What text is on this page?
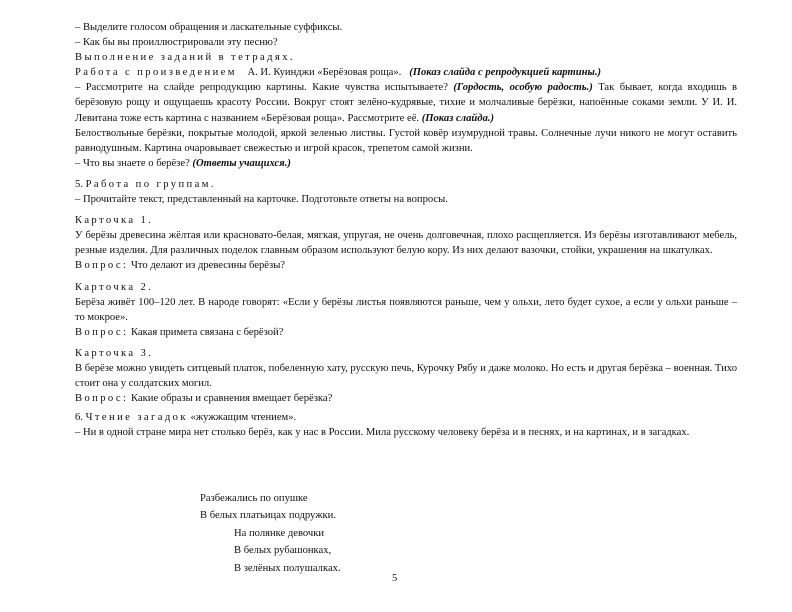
– Выделите голосом обращения и ласкательные суффиксы.

– Как бы вы проиллюстрировали эту песню?

Выполнение заданий в тетрадях.

Работа с произведением А. И. Куинджи «Берёзовая роща». (Показ слайда с репродукцией картины.)

– Рассмотрите на слайде репродукцию картины. Какие чувства испытываете? (Гордость, особую радость.) Так бывает, когда входишь в берёзовую рощу и ощущаешь красоту России. Вокруг стоят зелёно-кудрявые, тихие и молчаливые берёзки, напоённые соками земли. У И. И. Левитана тоже есть картина с названием «Берёзовая роща». Рассмотрите её. (Показ слайда.)

Белоствольные берёзки, покрытые молодой, яркой зеленью листвы. Густой ковёр изумрудной травы. Солнечные лучи никого не могут оставить равнодушным. Картина очаровывает свежестью и игрой красок, трепетом самой жизни.

– Что вы знаете о берёзе? (Ответы учащихся.)

5. Работа по группам.

– Прочитайте текст, представленный на карточке. Подготовьте ответы на вопросы.

Карточка 1.

У берёзы древесина жёлтая или красновато-белая, мягкая, упругая, не очень долговечная, плохо расщепляется. Из берёзы изготавливают мебель, резные изделия. Для различных поделок главным образом используют белую кору. Из них делают вазочки, стойки, украшения на шкатулках.

Вопрос: Что делают из древесины берёзы?

Карточка 2.

Берёза живёт 100–120 лет. В народе говорят: «Если у берёзы листья появляются раньше, чем у ольхи, лето будет сухое, а если у ольхи раньше – то мокрое».

Вопрос: Какая примета связана с берёзой?

Карточка 3.

В берёзе можно увидеть ситцевый платок, побеленную хату, русскую печь, Курочку Рябу и даже молоко. Но есть и другая берёзка – военная. Тихо стоит она у солдатских могил.

Вопрос: Какие образы и сравнения вмещает берёзка?

6. Чтение загадок «жужжащим чтением».

– Ни в одной стране мира нет столько берёз, как у нас в России. Мила русскому человеку берёза и в песнях, и на картинах, и в загадках.

Разбежались по опушке

В белых платьицах подружки.

На полянке девочки

В белых рубашонках,

В зелёных полушалках.

5
